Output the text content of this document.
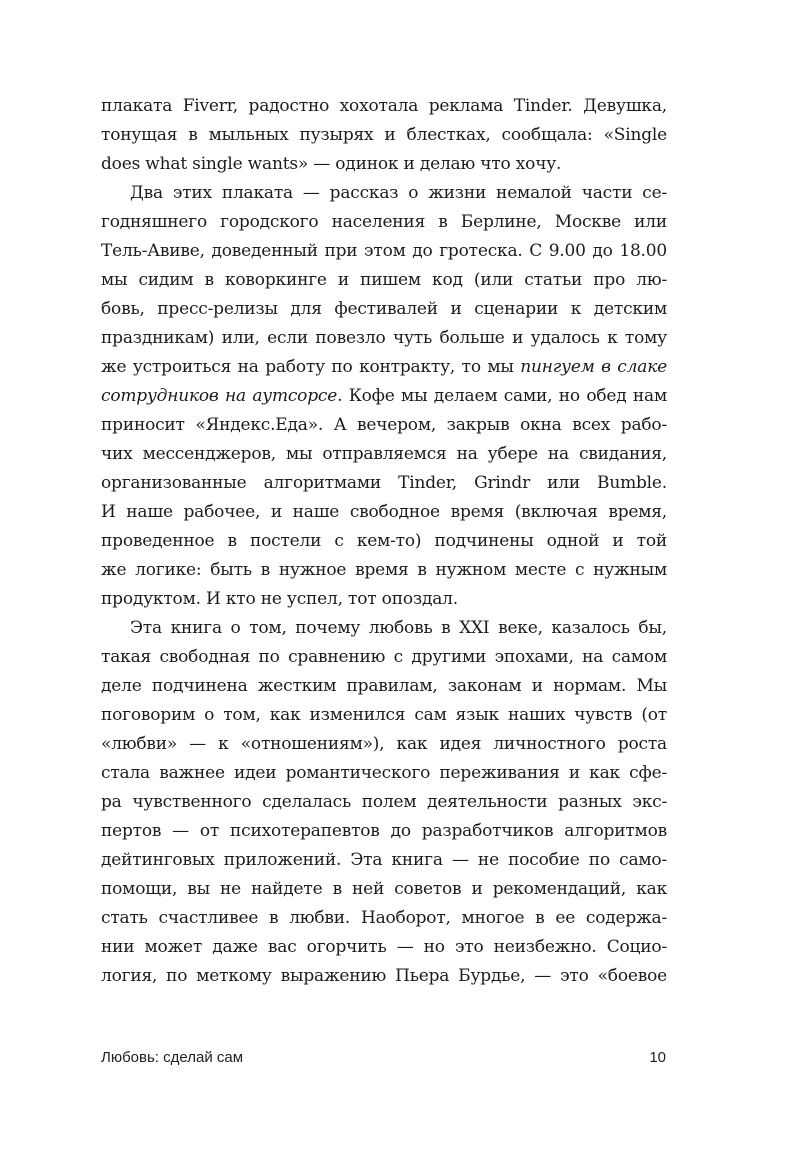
плаката Fiverr, радостно хохотала реклама Tinder. Девушка,
тонущая в мыльных пузырях и блестках, сообщала: «Single
does what single wants» — одинок и делаю что хочу.
Два этих плаката — рассказ о жизни немалой части се-
годняшнего городского населения в Берлине, Москве или
Тель-Авиве, доведенный при этом до гротеска. С 9.00 до 18.00
мы сидим в коворкинге и пишем код (или статьи про лю-
бовь, пресс-релизы для фестивалей и сценарии к детским
праздникам) или, если повезло чуть больше и удалось к тому
же устроиться на работу по контракту, то мы пингуем в слаке
сотрудников на аутсорсе. Кофе мы делаем сами, но обед нам
приносит «Яндекс.Еда». А вечером, закрыв окна всех рабо-
чих мессенджеров, мы отправляемся на убере на свидания,
организованные алгоритмами Tinder, Grindr или Bumble.
И наше рабочее, и наше свободное время (включая время,
проведенное в постели с кем-то) подчинены одной и той
же логике: быть в нужное время в нужном месте с нужным
продуктом. И кто не успел, тот опоздал.
Эта книга о том, почему любовь в XXI веке, казалось бы,
такая свободная по сравнению с другими эпохами, на самом
деле подчинена жестким правилам, законам и нормам. Мы
поговорим о том, как изменился сам язык наших чувств (от
«любви» — к «отношениям»), как идея личностного роста
стала важнее идеи романтического переживания и как сфе-
ра чувственного сделалась полем деятельности разных экс-
пертов — от психотерапевтов до разработчиков алгоритмов
дейтинговых приложений. Эта книга — не пособие по само-
помощи, вы не найдете в ней советов и рекомендаций, как
стать счастливее в любви. Наоборот, многое в ее содержа-
нии может даже вас огорчить — но это неизбежно. Социо-
логия, по меткому выражению Пьера Бурдье, — это «боевое
Любовь: сделай сам	10
